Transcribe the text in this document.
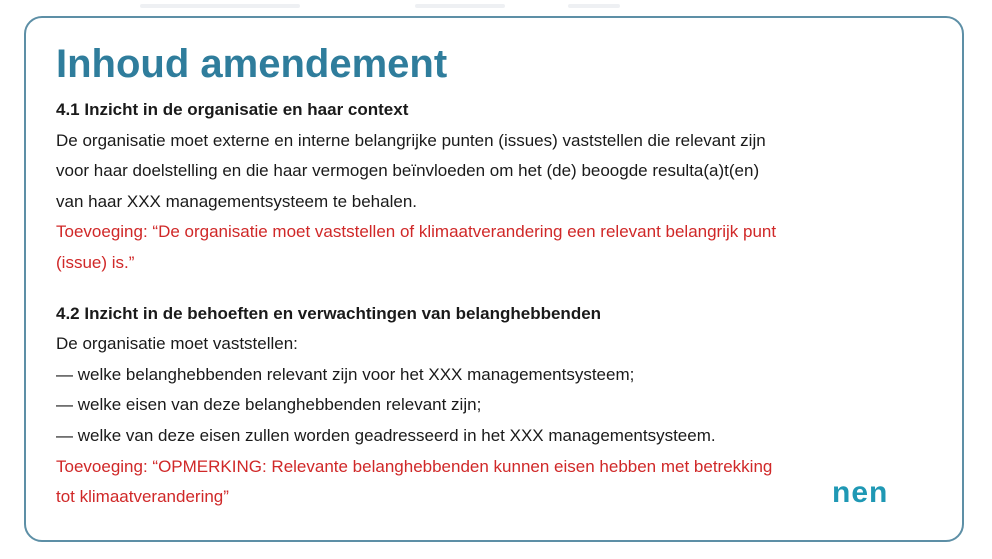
Inhoud amendement
4.1 Inzicht in de organisatie en haar context
De organisatie moet externe en interne belangrijke punten (issues) vaststellen die relevant zijn
voor haar doelstelling en die haar vermogen beïnvloeden om het (de) beoogde resulta(a)t(en)
van haar XXX managementsysteem te behalen.
Toevoeging: “De organisatie moet vaststellen of klimaatverandering een relevant belangrijk punt
(issue) is.”
4.2 Inzicht in de behoeften en verwachtingen van belanghebbenden
De organisatie moet vaststellen:
— welke belanghebbenden relevant zijn voor het XXX managementsysteem;
— welke eisen van deze belanghebbenden relevant zijn;
— welke van deze eisen zullen worden geadresseerd in het XXX managementsysteem.
Toevoeging: “OPMERKING: Relevante belanghebbenden kunnen eisen hebben met betrekking
tot klimaatverandering”	nen
